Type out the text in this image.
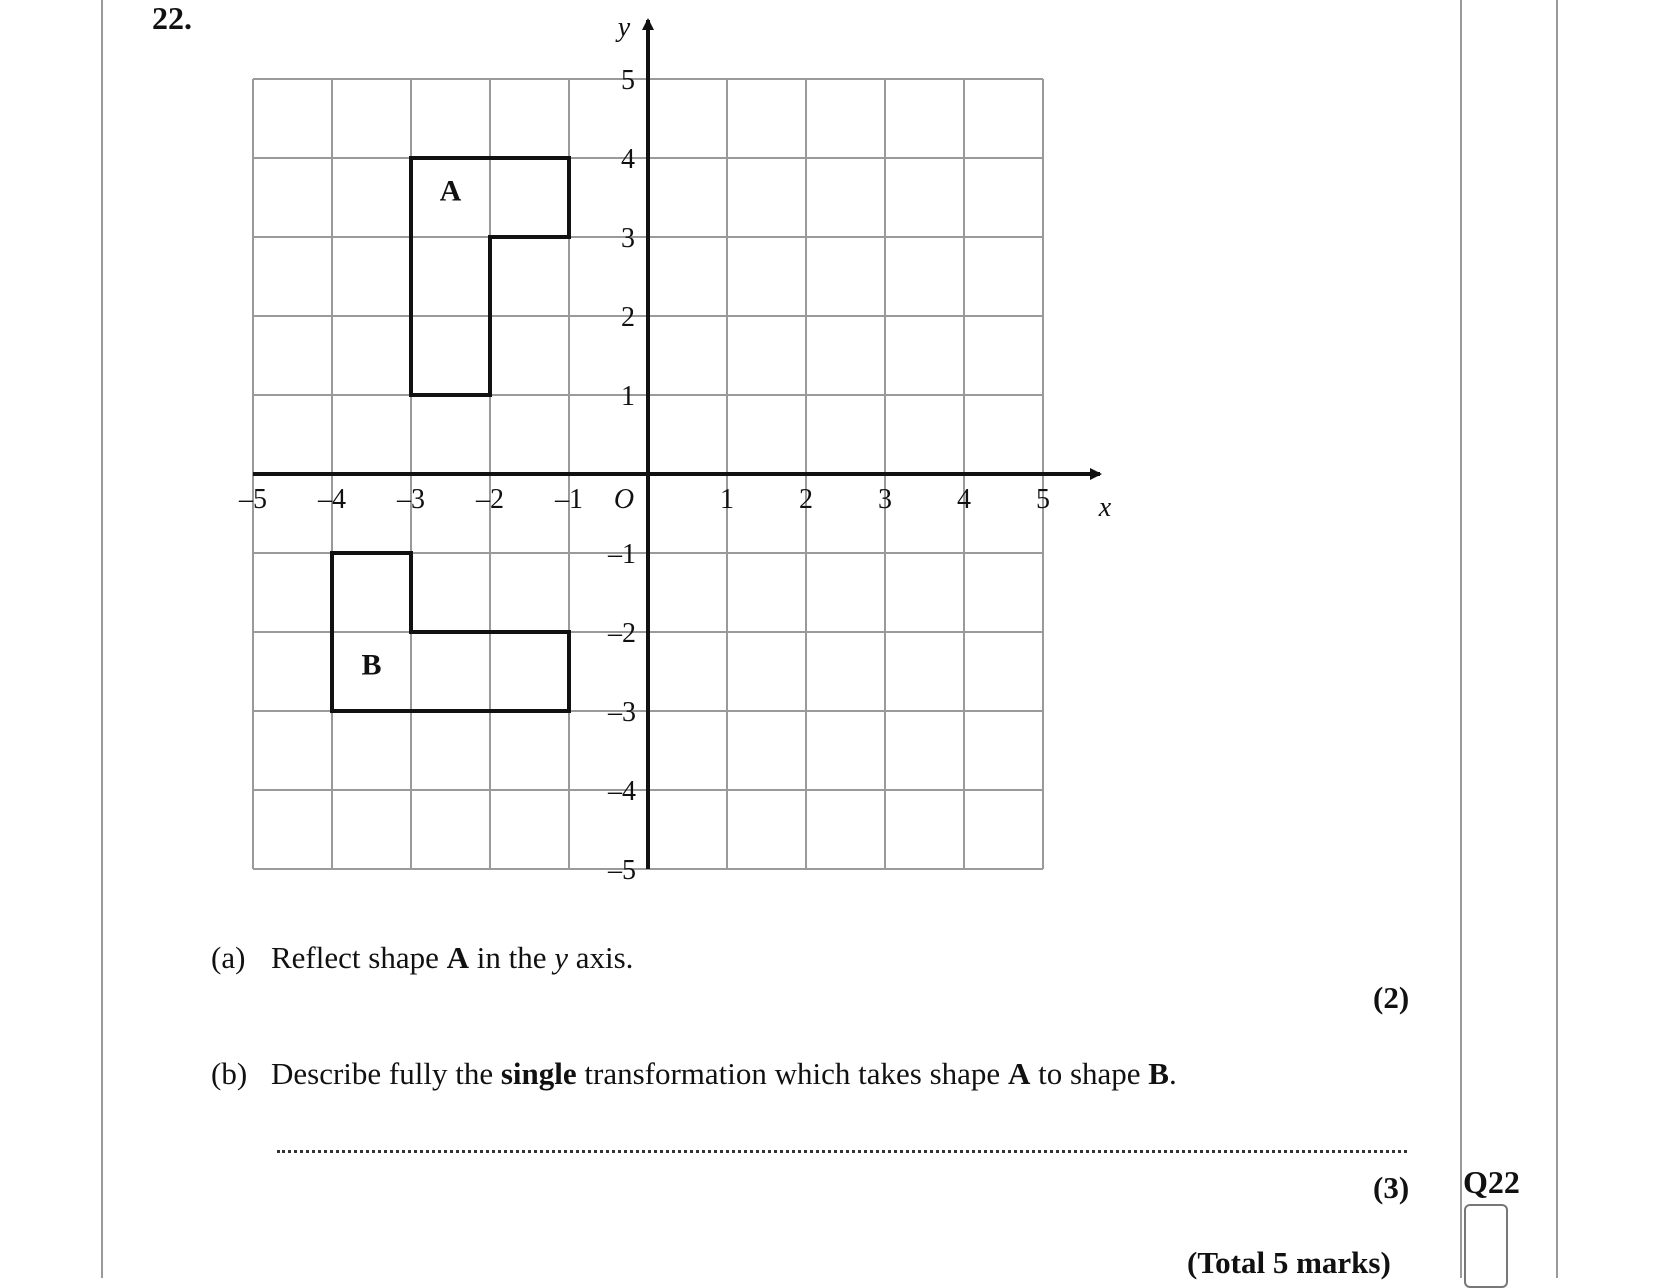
22.
A
B
–5 –4 –3 –2 –1	1 2 3 4 5
5
4
3
2
1
–1
–2
–3
–4
–5
O	x
y
(a) Reflect shape A in the y axis.
(2)
(b) Describe fully the single transformation which takes shape A to shape B.
(3) Q22
(Total 5 marks)
